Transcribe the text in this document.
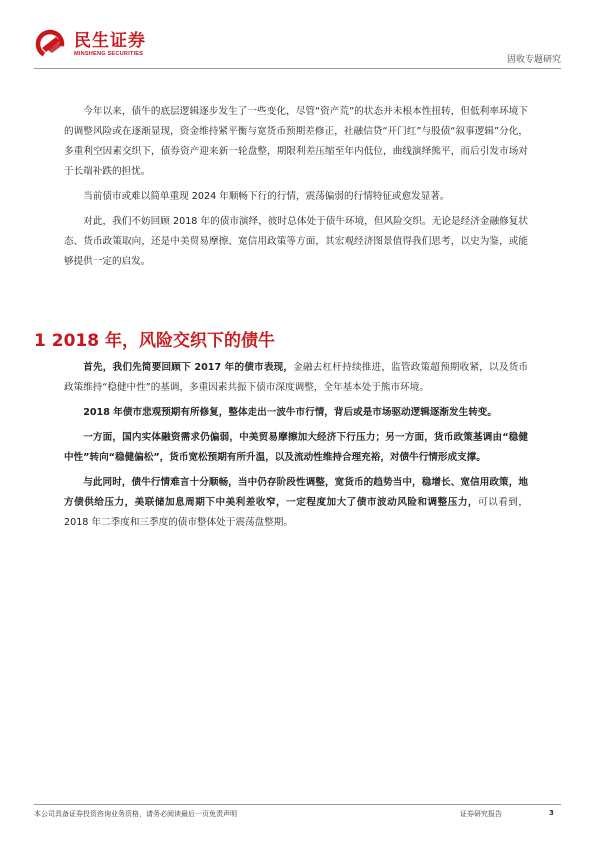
民生证券
MINSHENG SECURITIES
固收专题研究

今年以来，债牛的底层逻辑逐步发生了一些变化，尽管“资产荒”的状态并未根本性扭转，但低利率环境下的调整风险或在逐渐显现，资金维持紧平衡与宽货币预期差修正，社融信贷“开门红”与股债“叙事逻辑”分化，多重利空因素交织下，债券资产迎来新一轮盘整，期限利差压缩至年内低位，曲线演绎熊平，而后引发市场对于长端补跌的担忧。

当前债市或难以简单重现 2024 年顺畅下行的行情，震荡偏弱的行情特征或愈发显著。

对此，我们不妨回顾 2018 年的债市演绎，彼时总体处于债牛环境，但风险交织。无论是经济金融修复状态、货币政策取向，还是中美贸易摩擦、宽信用政策等方面，其宏观经济图景值得我们思考，以史为鉴，或能够提供一定的启发。

1 2018 年，风险交织下的债牛

首先，我们先简要回顾下 2017 年的债市表现，金融去杠杆持续推进，监管政策超预期收紧，以及货币政策维持“稳健中性”的基调，多重因素共振下债市深度调整，全年基本处于熊市环境。

2018 年债市悲观预期有所修复，整体走出一波牛市行情，背后或是市场驱动逻辑逐渐发生转变。

一方面，国内实体融资需求仍偏弱，中美贸易摩擦加大经济下行压力；另一方面，货币政策基调由“稳健中性”转向“稳健偏松”，货币宽松预期有所升温，以及流动性维持合理充裕，对债牛行情形成支撑。

与此同时，债牛行情难言十分顺畅，当中仍存阶段性调整，宽货币的趋势当中，稳增长、宽信用政策，地方债供给压力，美联储加息周期下中美利差收窄，一定程度加大了债市波动风险和调整压力，可以看到，2018 年二季度和三季度的债市整体处于震荡盘整期。

本公司具备证券投资咨询业务资格，请务必阅读最后一页免责声明	证券研究报告	3
